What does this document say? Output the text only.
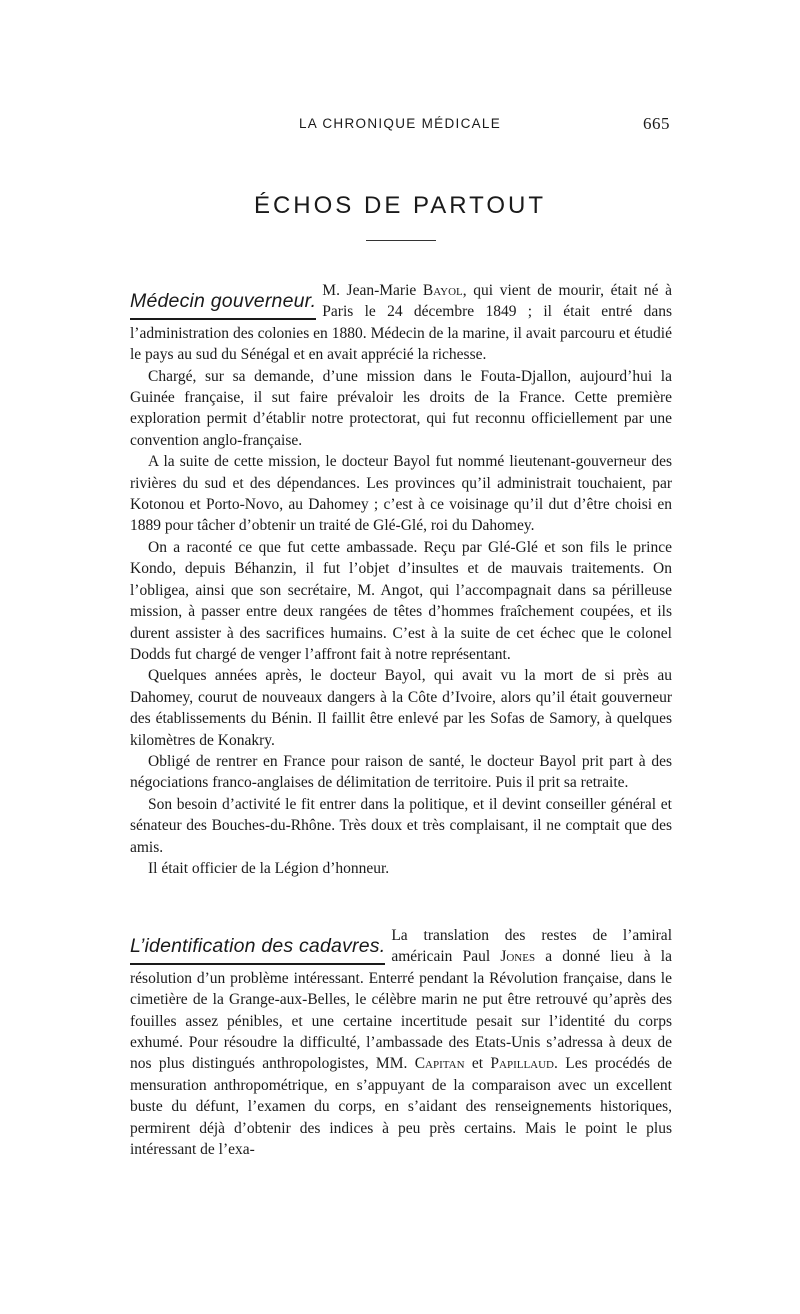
LA CHRONIQUE MÉDICALE	665
ÉCHOS DE PARTOUT

Médecin gouverneur. M. Jean-Marie Bayol, qui vient de mourir, était né à Paris le 24 décembre 1849 ; il était entré dans l’administration des colonies en 1880. Médecin de la marine, il avait parcouru et étudié le pays au sud du Sénégal et en avait apprécié la richesse.

Chargé, sur sa demande, d’une mission dans le Fouta-Djallon, aujourd’hui la Guinée française, il sut faire prévaloir les droits de la France. Cette première exploration permit d’établir notre protectorat, qui fut reconnu officiellement par une convention anglo-française.

A la suite de cette mission, le docteur Bayol fut nommé lieutenant-gouverneur des rivières du sud et des dépendances. Les provinces qu’il administrait touchaient, par Kotonou et Porto-Novo, au Dahomey ; c’est à ce voisinage qu’il dut d’être choisi en 1889 pour tâcher d’obtenir un traité de Glé-Glé, roi du Dahomey.

On a raconté ce que fut cette ambassade. Reçu par Glé-Glé et son fils le prince Kondo, depuis Béhanzin, il fut l’objet d’insultes et de mauvais traitements. On l’obligea, ainsi que son secrétaire, M. Angot, qui l’accompagnait dans sa périlleuse mission, à passer entre deux rangées de têtes d’hommes fraîchement coupées, et ils durent assister à des sacrifices humains. C’est à la suite de cet échec que le colonel Dodds fut chargé de venger l’affront fait à notre représentant.

Quelques années après, le docteur Bayol, qui avait vu la mort de si près au Dahomey, courut de nouveaux dangers à la Côte d’Ivoire, alors qu’il était gouverneur des établissements du Bénin. Il faillit être enlevé par les Sofas de Samory, à quelques kilomètres de Konakry.

Obligé de rentrer en France pour raison de santé, le docteur Bayol prit part à des négociations franco-anglaises de délimitation de territoire. Puis il prit sa retraite.

Son besoin d’activité le fit entrer dans la politique, et il devint conseiller général et sénateur des Bouches-du-Rhône. Très doux et très complaisant, il ne comptait que des amis.

Il était officier de la Légion d’honneur.

L’identification des cadavres. La translation des restes de l’amiral américain Paul Jones a donné lieu à la résolution d’un problème intéressant. Enterré pendant la Révolution française, dans le cimetière de la Grange-aux-Belles, le célèbre marin ne put être retrouvé qu’après des fouilles assez pénibles, et une certaine incertitude pesait sur l’identité du corps exhumé. Pour résoudre la difficulté, l’ambassade des Etats-Unis s’adressa à deux de nos plus distingués anthropologistes, MM. Capitan et Papillaud. Les procédés de mensuration anthropométrique, en s’appuyant de la comparaison avec un excellent buste du défunt, l’examen du corps, en s’aidant des renseignements historiques, permirent déjà d’obtenir des indices à peu près certains. Mais le point le plus intéressant de l’exa-
